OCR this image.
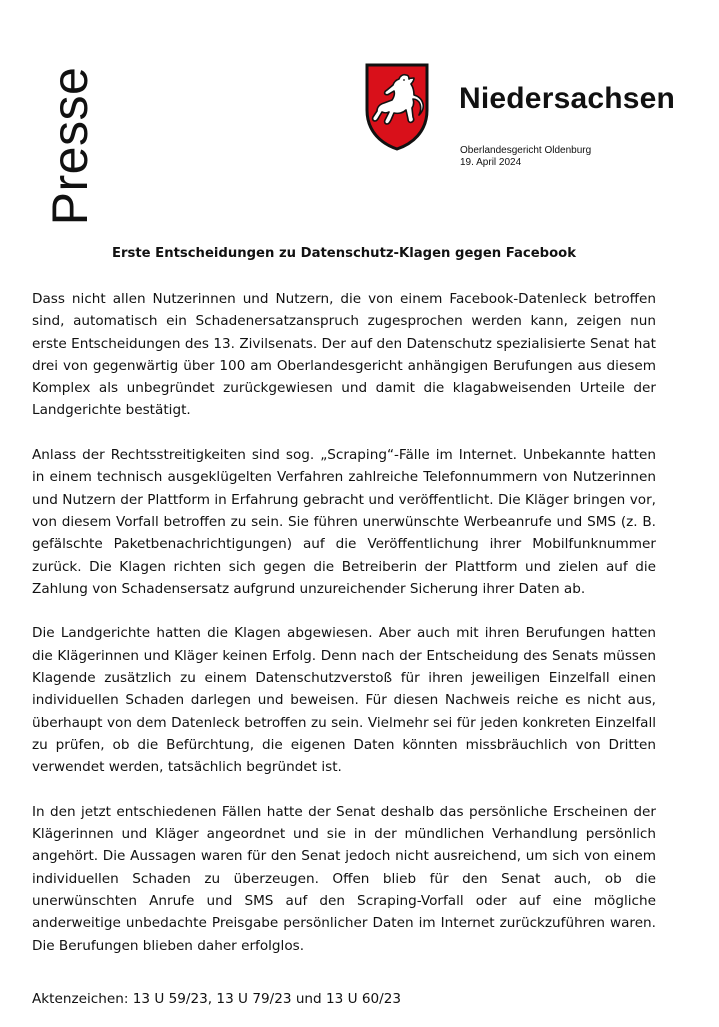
Presse	Niedersachsen
Oberlandesgericht Oldenburg
19. April 2024
Erste Entscheidungen zu Datenschutz-Klagen gegen Facebook

Dass nicht allen Nutzerinnen und Nutzern, die von einem Facebook-Datenleck betroffen sind, automatisch ein Schadenersatzanspruch zugesprochen werden kann, zeigen nun erste Entscheidungen des 13. Zivilsenats. Der auf den Datenschutz spezialisierte Senat hat drei von gegenwärtig über 100 am Oberlandesgericht anhängigen Berufungen aus diesem Komplex als unbegründet zurückgewiesen und damit die klagabweisenden Urteile der Landgerichte bestätigt.

Anlass der Rechtsstreitigkeiten sind sog. „Scraping“-Fälle im Internet. Unbekannte hatten in einem technisch ausgeklügelten Verfahren zahlreiche Telefonnummern von Nutzerinnen und Nutzern der Plattform in Erfahrung gebracht und veröffentlicht. Die Kläger bringen vor, von diesem Vorfall betroffen zu sein. Sie führen unerwünschte Werbeanrufe und SMS (z. B. gefälschte Paketbenachrichtigungen) auf die Veröffentlichung ihrer Mobilfunknummer zurück. Die Klagen richten sich gegen die Betreiberin der Plattform und zielen auf die Zahlung von Schadensersatz aufgrund unzureichender Sicherung ihrer Daten ab.

Die Landgerichte hatten die Klagen abgewiesen. Aber auch mit ihren Berufungen hatten die Klägerinnen und Kläger keinen Erfolg. Denn nach der Entscheidung des Senats müssen Klagende zusätzlich zu einem Datenschutzverstoß für ihren jeweiligen Einzelfall einen individuellen Schaden darlegen und beweisen. Für diesen Nachweis reiche es nicht aus, überhaupt von dem Datenleck betroffen zu sein. Vielmehr sei für jeden konkreten Einzelfall zu prüfen, ob die Befürchtung, die eigenen Daten könnten missbräuchlich von Dritten verwendet werden, tatsächlich begründet ist.

In den jetzt entschiedenen Fällen hatte der Senat deshalb das persönliche Erscheinen der Klägerinnen und Kläger angeordnet und sie in der mündlichen Verhandlung persönlich angehört. Die Aussagen waren für den Senat jedoch nicht ausreichend, um sich von einem individuellen Schaden zu überzeugen. Offen blieb für den Senat auch, ob die unerwünschten Anrufe und SMS auf den Scraping-Vorfall oder auf eine mögliche anderweitige unbedachte Preisgabe persönlicher Daten im Internet zurückzuführen waren. Die Berufungen blieben daher erfolglos.

Aktenzeichen: 13 U 59/23, 13 U 79/23 und 13 U 60/23
